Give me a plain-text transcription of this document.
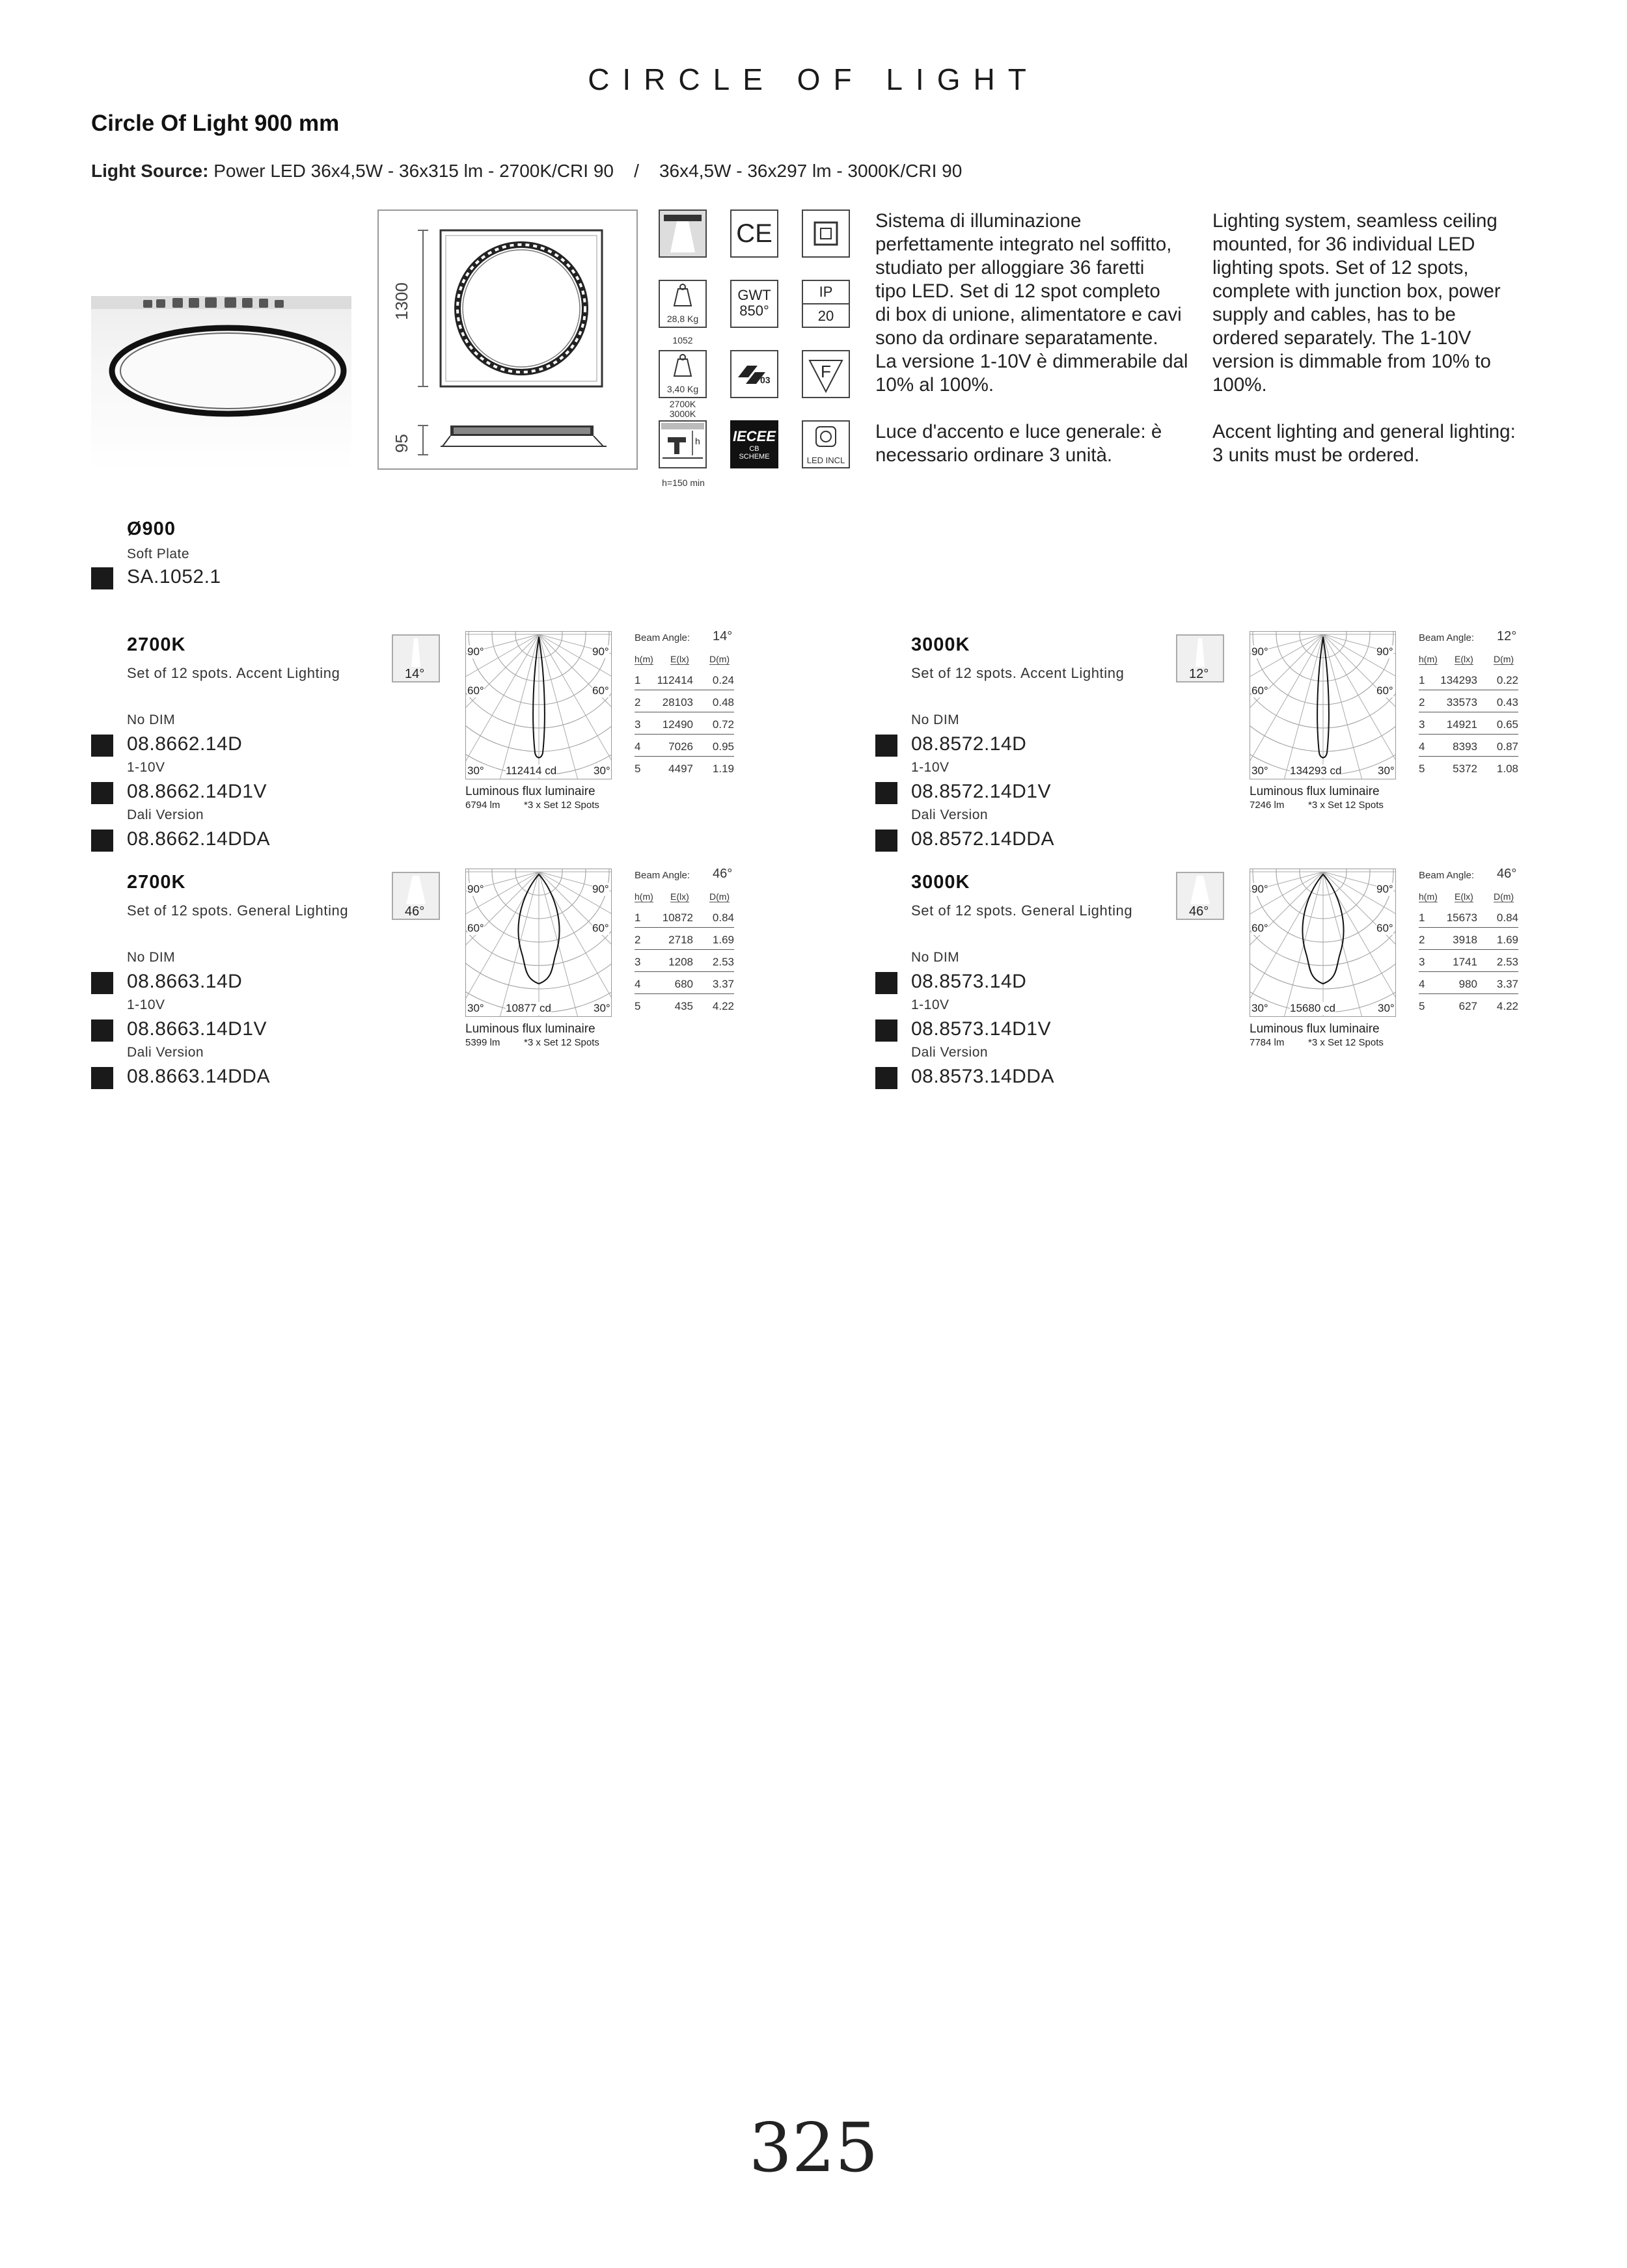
CIRCLE OF LIGHT
Circle Of Light 900 mm
Light Source: Power LED 36x4,5W - 36x315 lm - 2700K/CRI 90    /    36x4,5W - 36x297 lm - 3000K/CRI 90
1300
95
CE
28,8 Kg
1052
GWT
850°
IP
20
3,40 Kg
2700K
3000K
03	F
h
h=150 min
IECEE
CB
SCHEME	LED INCL

Sistema di illuminazione

perfettamente integrato nel soffitto,

studiato per alloggiare 36 faretti

tipo LED. Set di 12 spot completo

di box di unione, alimentatore e cavi

sono da ordinare separatamente.

La versione 1-10V è dimmerabile dal

10% al 100%.

Luce d'accento e luce generale: è

necessario ordinare 3 unità.

Lighting system, seamless ceiling

mounted, for 36 individual LED

lighting spots. Set of 12 spots,

complete with junction box, power

supply and cables, has to be

ordered separately. The 1-10V

version is dimmable from 10% to

100%.

Accent lighting and general lighting:

3 units must be ordered.

Ø900
Soft Plate
SA.1052.1
2700K
Set of 12 spots. Accent Lighting
No DIM
1-10V
Dali Version
08.8662.14D
08.8662.14D1V
08.8662.14DDA
14°
90°	90°
60°	60°
30°	30°
112414 cd
Luminous flux luminaire
6794 lm *3 x Set 12 Spots
Beam Angle: 14°
h(m) E(lx) D(m)
1 112414 0.24
2 28103 0.48
3 12490 0.72
4	7026 0.95
5	4497 1.19
3000K
Set of 12 spots. Accent Lighting
No DIM
1-10V
Dali Version
08.8572.14D
08.8572.14D1V
08.8572.14DDA
12°
90°	90°
60°	60°
30°	30°
134293 cd
Luminous flux luminaire
7246 lm *3 x Set 12 Spots
Beam Angle: 12°
h(m) E(lx) D(m)
1 134293 0.22
2 33573 0.43
3 14921 0.65
4	8393 0.87
5	5372 1.08
2700K
Set of 12 spots. General Lighting
No DIM
1-10V
Dali Version
08.8663.14D
08.8663.14D1V
08.8663.14DDA
46°
90°	90°
60°	60°
30°	30°
10877 cd
Luminous flux luminaire
5399 lm *3 x Set 12 Spots
Beam Angle: 46°
h(m) E(lx) D(m)
1 10872 0.84
2	2718 1.69
3	1208 2.53
4	680 3.37
5	435 4.22
3000K
Set of 12 spots. General Lighting
No DIM
1-10V
Dali Version
08.8573.14D
08.8573.14D1V
08.8573.14DDA
46°
90°	90°
60°	60°
30°	30°
15680 cd
Luminous flux luminaire
7784 lm *3 x Set 12 Spots
Beam Angle: 46°
h(m) E(lx) D(m)
1 15673 0.84
2	3918 1.69
3	1741 2.53
4	980 3.37
5	627 4.22
325
